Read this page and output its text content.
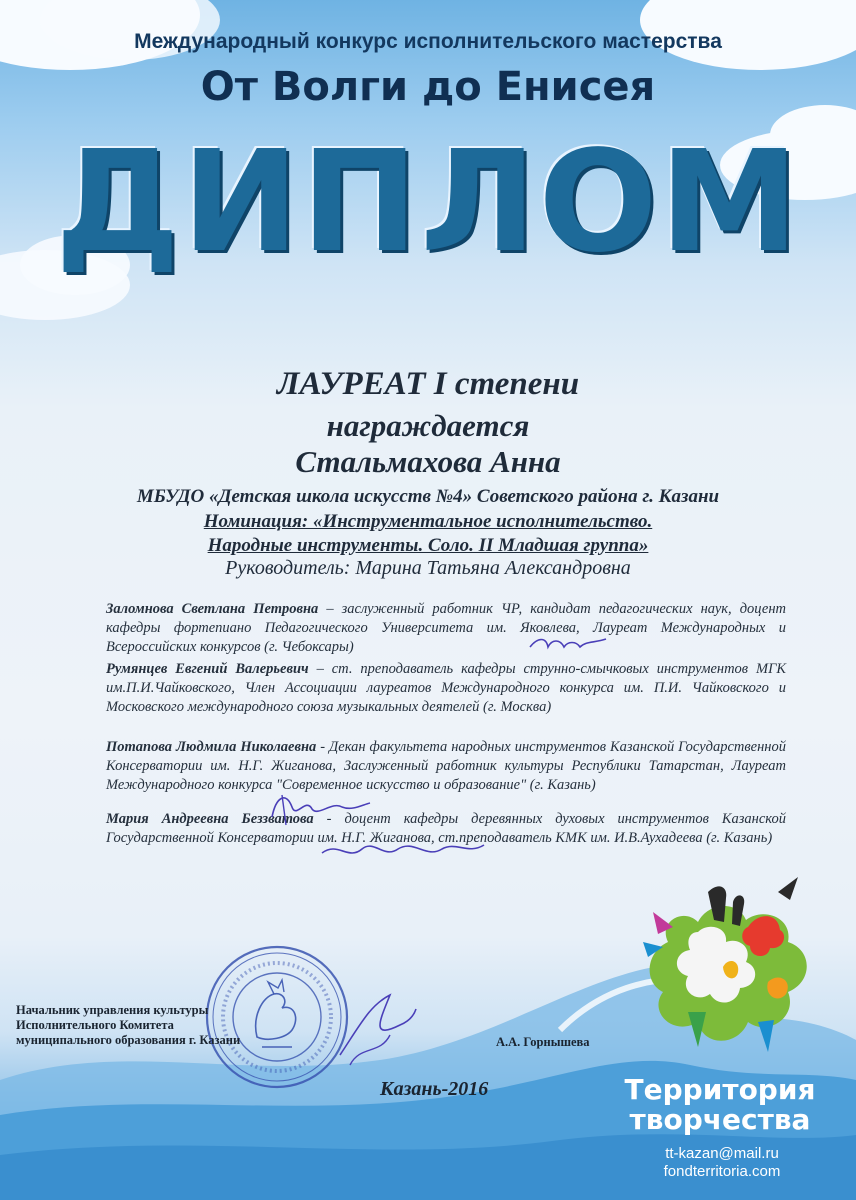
Международный конкурс исполнительского мастерства
От Волги до Енисея
ДИПЛОМ
ЛАУРЕАТ I степени
награждается
Стальмахова Анна
МБУДО «Детская школа искусств №4» Советского района г. Казани
Номинация: «Инструментальное исполнительство.
Народные инструменты. Соло. II Младшая группа»
Руководитель: Марина Татьяна Александровна
Заломнова Светлана Петровна – заслуженный работник ЧР, кандидат педагогических наук, доцент кафедры фортепиано Педагогического Университета им. Яковлева, Лауреат Международных и Всероссийских конкурсов (г. Чебоксары)
Румянцев Евгений Валерьевич – ст. преподаватель кафедры струнно-смычковых инструментов МГК им.П.И.Чайковского, Член Ассоциации лауреатов Международного конкурса им. П.И. Чайковского и Московского международного союза музыкальных деятелей (г. Москва)
Потапова Людмила Николаевна - Декан факультета народных инструментов Казанской Государственной Консерватории им. Н.Г. Жиганова, Заслуженный работник культуры Республики Татарстан, Лауреат Международного конкурса "Современное искусство и образование" (г. Казань)
Мария Андреевна Беззватова - доцент кафедры деревянных духовых инструментов Казанской Государственной Консерватории им. Н.Г. Жиганова, ст.преподаватель КМК им. И.В.Аухадеева (г. Казань)
Начальник управления культуры
Исполнительного Комитета
муниципального образования г. Казани	А.А. Горнышева
Казань-2016	Территория
творчества
tt-kazan@mail.ru
fondterritoria.com
